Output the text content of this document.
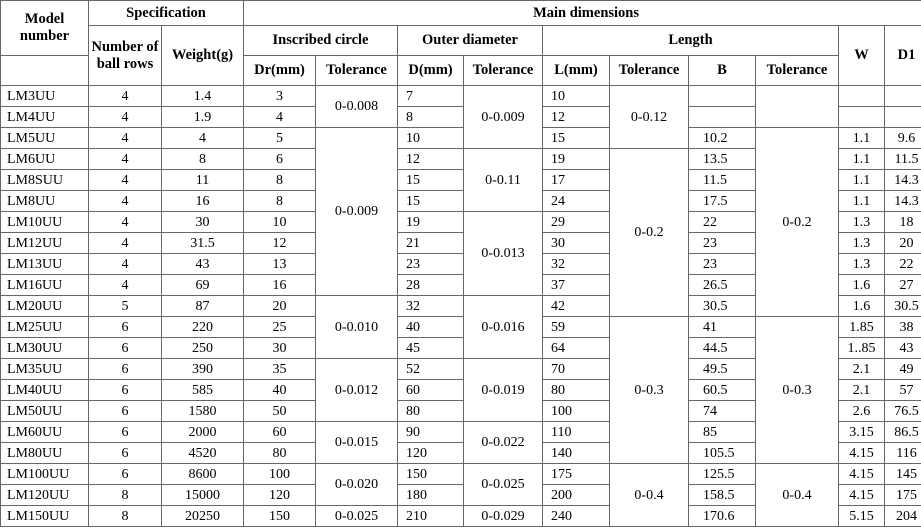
Model number	Specification		Main dimensions									
	Number of ball rows	Weight(g)	Inscribed circle		Outer diameter		Length				W	D1
			Dr(mm)	Tolerance	D(mm)	Tolerance	L(mm)	Tolerance	B	Tolerance		
LM3UU	4	1.4	3	0-0.008	7	0-0.009	10	0-0.12				
LM4UU	4	1.9	4		8		12					
LM5UU	4	4	5	0-0.009	10		15		10.2	0-0.2	1.1	9.6
LM6UU	4	8	6		12	0-0.11	19	0-0.2	13.5		1.1	11.5
LM8SUU	4	11	8		15		17		11.5		1.1	14.3
LM8UU	4	16	8		15		24		17.5		1.1	14.3
LM10UU	4	30	10		19	0-0.013	29		22		1.3	18
LM12UU	4	31.5	12		21		30		23		1.3	20
LM13UU	4	43	13		23		32		23		1.3	22
LM16UU	4	69	16		28		37		26.5		1.6	27
LM20UU	5	87	20	0-0.010	32	0-0.016	42		30.5		1.6	30.5
LM25UU	6	220	25		40		59	0-0.3	41	0-0.3	1.85	38
LM30UU	6	250	30		45		64		44.5		1..85	43
LM35UU	6	390	35	0-0.012	52	0-0.019	70		49.5		2.1	49
LM40UU	6	585	40		60		80		60.5		2.1	57
LM50UU	6	1580	50		80		100		74		2.6	76.5
LM60UU	6	2000	60	0-0.015	90	0-0.022	110		85		3.15	86.5
LM80UU	6	4520	80		120		140		105.5		4.15	116
LM100UU	6	8600	100	0-0.020	150	0-0.025	175	0-0.4	125.5	0-0.4	4.15	145
LM120UU	8	15000	120		180		200		158.5		4.15	175
LM150UU	8	20250	150	0-0.025	210	0-0.029	240		170.6		5.15	204
